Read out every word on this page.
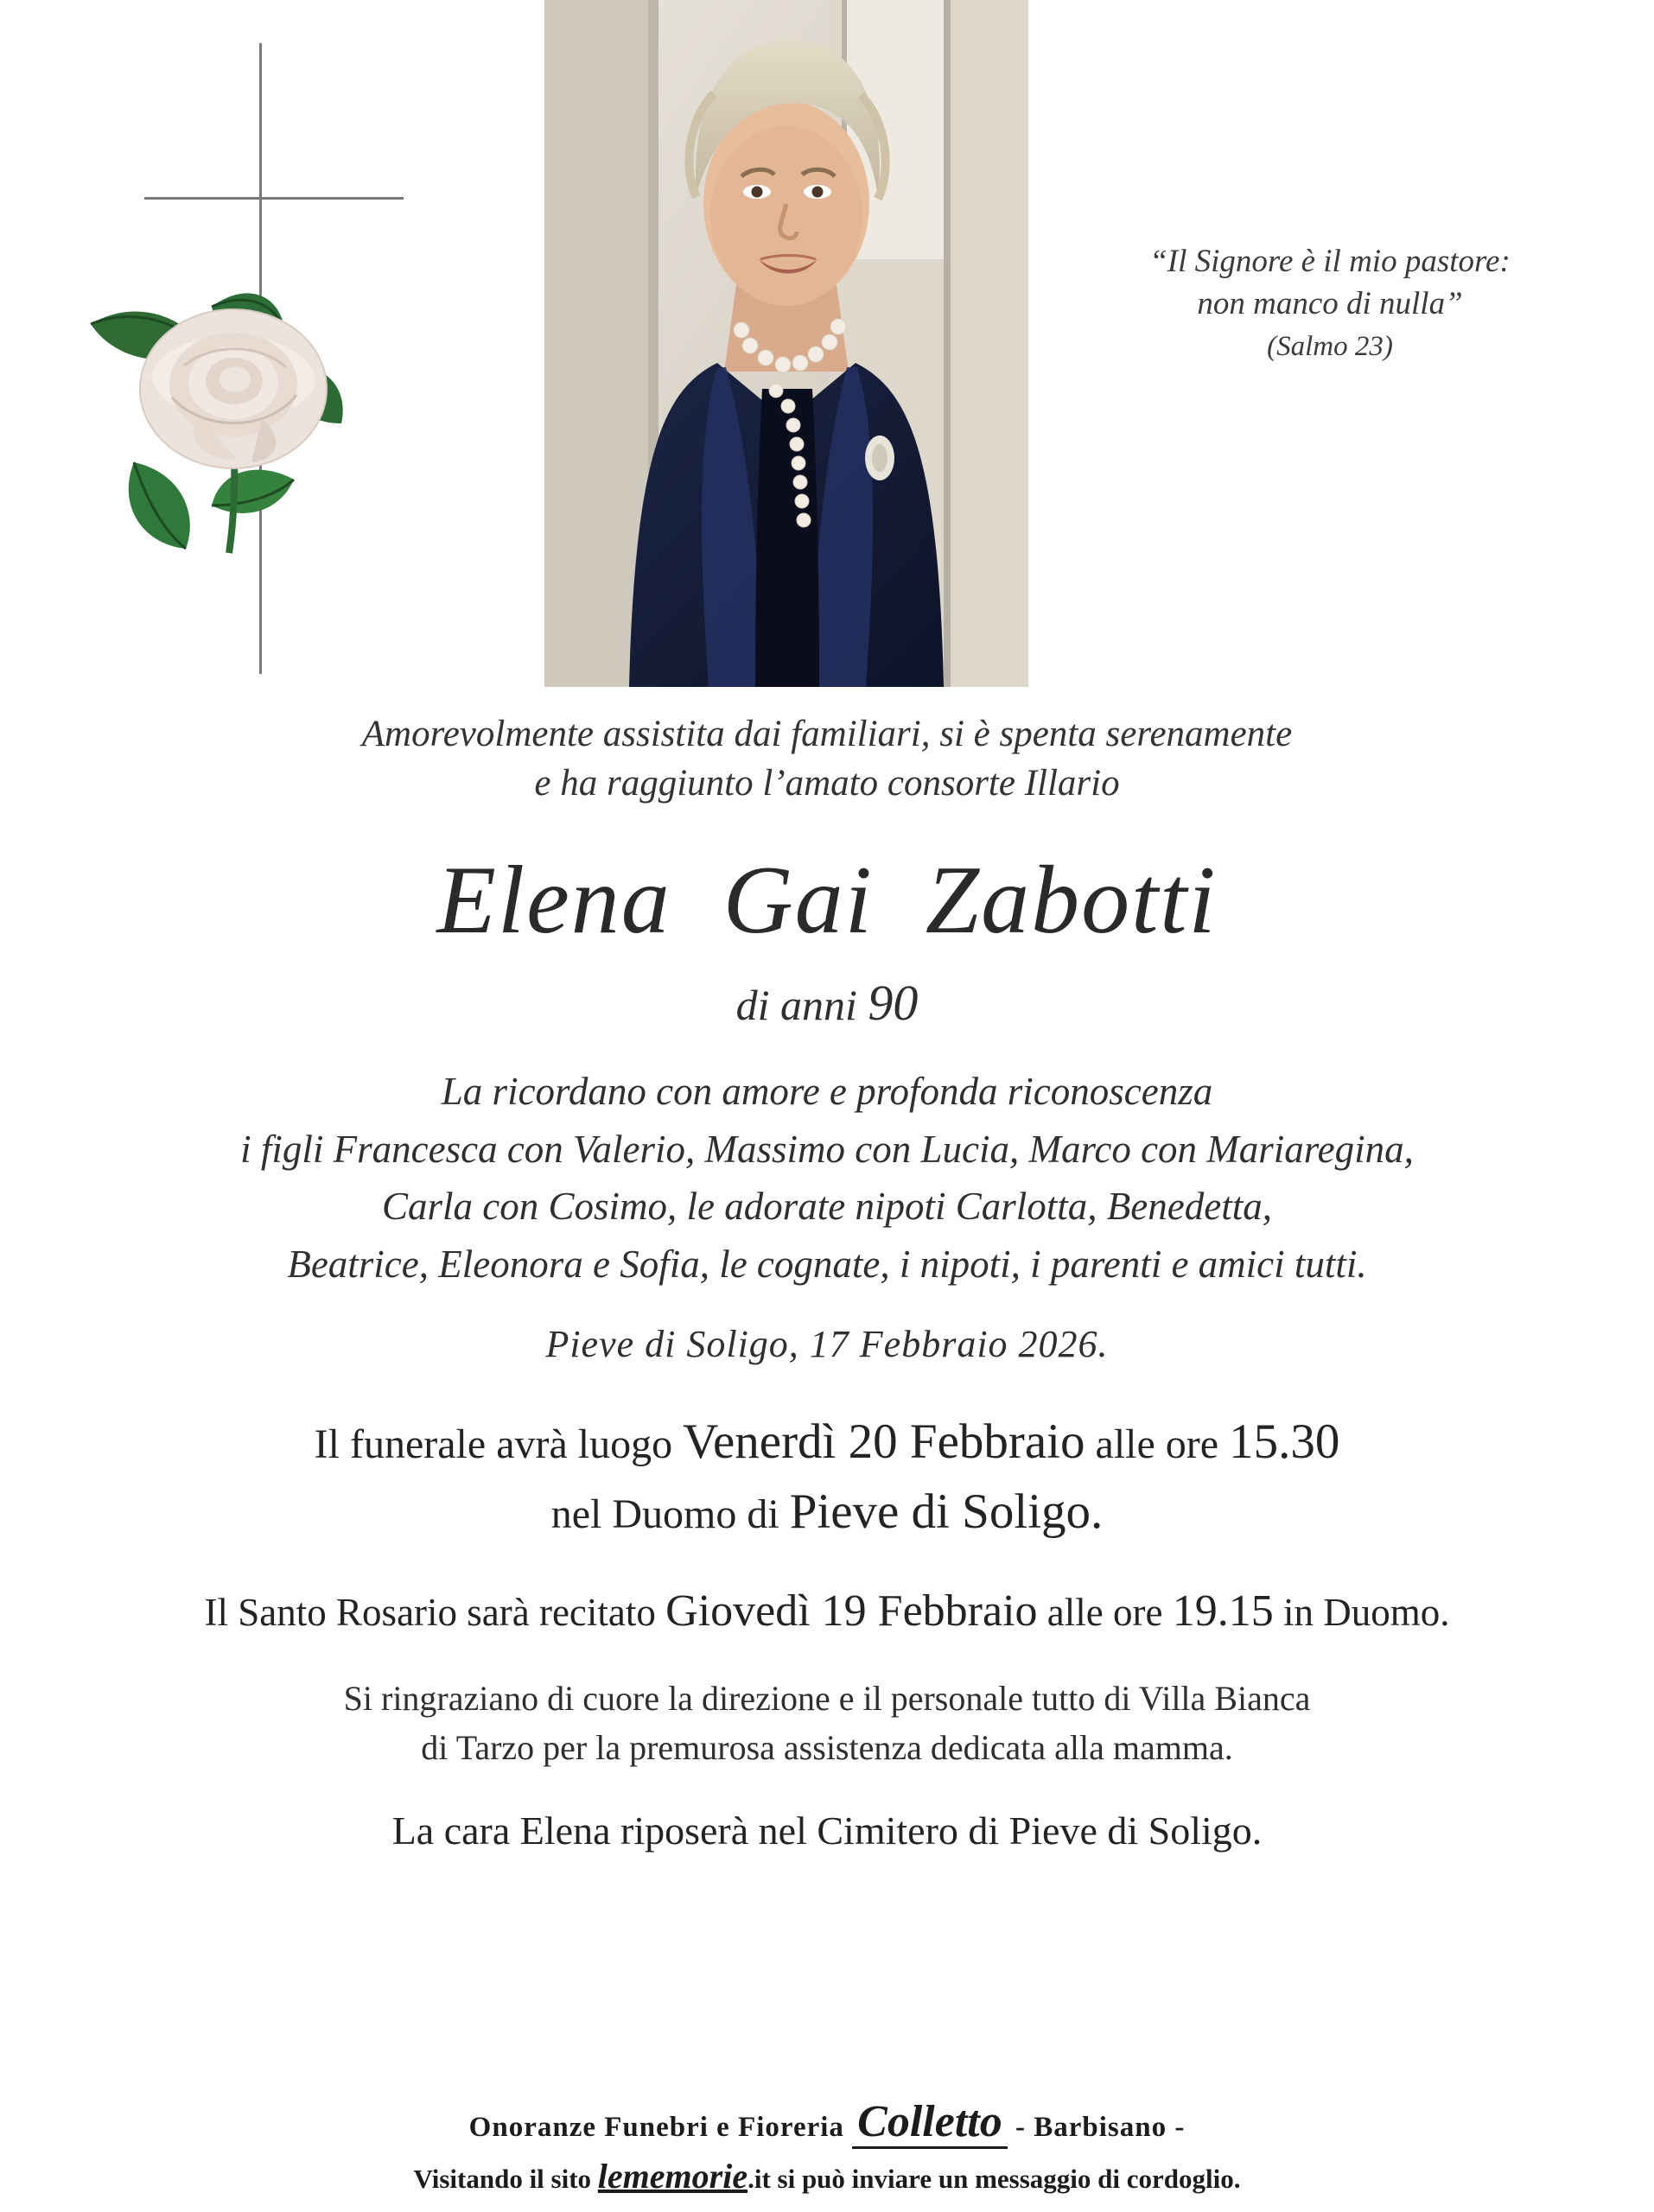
“Il Signore è il mio pastore:
non manco di nulla”
(Salmo 23)
Amorevolmente assistita dai familiari, si è spenta serenamente
e ha raggiunto l’amato consorte Illario
Elena  Gai  Zabotti
di anni 90
La ricordano con amore e profonda riconoscenza
i figli Francesca con Valerio, Massimo con Lucia, Marco con Mariaregina,
Carla con Cosimo, le adorate nipoti Carlotta, Benedetta,
Beatrice, Eleonora e Sofia, le cognate, i nipoti, i parenti e amici tutti.
Pieve di Soligo, 17 Febbraio 2026.
Il funerale avrà luogo Venerdì 20 Febbraio alle ore 15.30
nel Duomo di Pieve di Soligo.
Il Santo Rosario sarà recitato Giovedì 19 Febbraio alle ore 19.15 in Duomo.
Si ringraziano di cuore la direzione e il personale tutto di Villa Bianca
di Tarzo per la premurosa assistenza dedicata alla mamma.
La cara Elena riposerà nel Cimitero di Pieve di Soligo.
Onoranze Funebri e Fioreria Colletto - Barbisano -
Visitando il sito lememorie.it si può inviare un messaggio di cordoglio.
